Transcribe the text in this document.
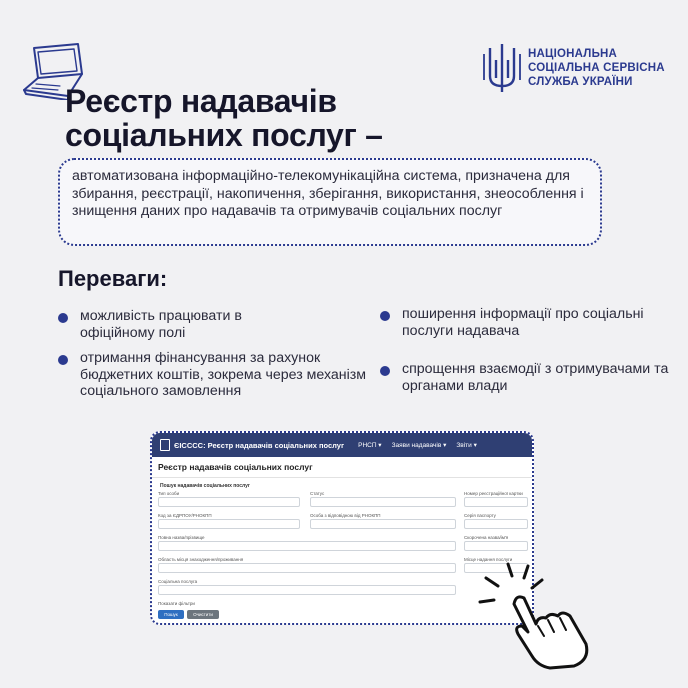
НАЦІОНАЛЬНА
СОЦІАЛЬНА СЕРВІСНА
СЛУЖБА УКРАЇНИ
Реєстр надавачів
соціальних послуг –
автоматизована інформаційно-телекомунікаційна система, призначена для збирання, реєстрації, накопичення, зберігання, використання, знеособлення і знищення даних про надавачів та отримувачів соціальних послуг
Переваги:
можливість працювати в офіційному полі
отримання фінансування за рахунок бюджетних коштів, зокрема через механізм соціального замовлення
поширення інформації про соціальні послуги надавача
спрощення взаємодії з отримувачами та органами влади
ЄІСССС: Реєстр надавачів соціальних послуг РНСП ▾ Заяви надавачів ▾ Звіти ▾
Реєстр надавачів соціальних послуг
Пошук надавачів соціальних послуг
Тип особи	Статус	Номер реєстраційної картки
Код за ЄДРПОУ/РНОКПП	Особа з відповідною від РНОКПП	Серія паспорту
Повна назва/прізвище	Скорочена назва/ім'я
Область місця знаходження/проживання	Місце надання послуги
Соціальна послуга
Показати фільтри
Пошук	Очистити
